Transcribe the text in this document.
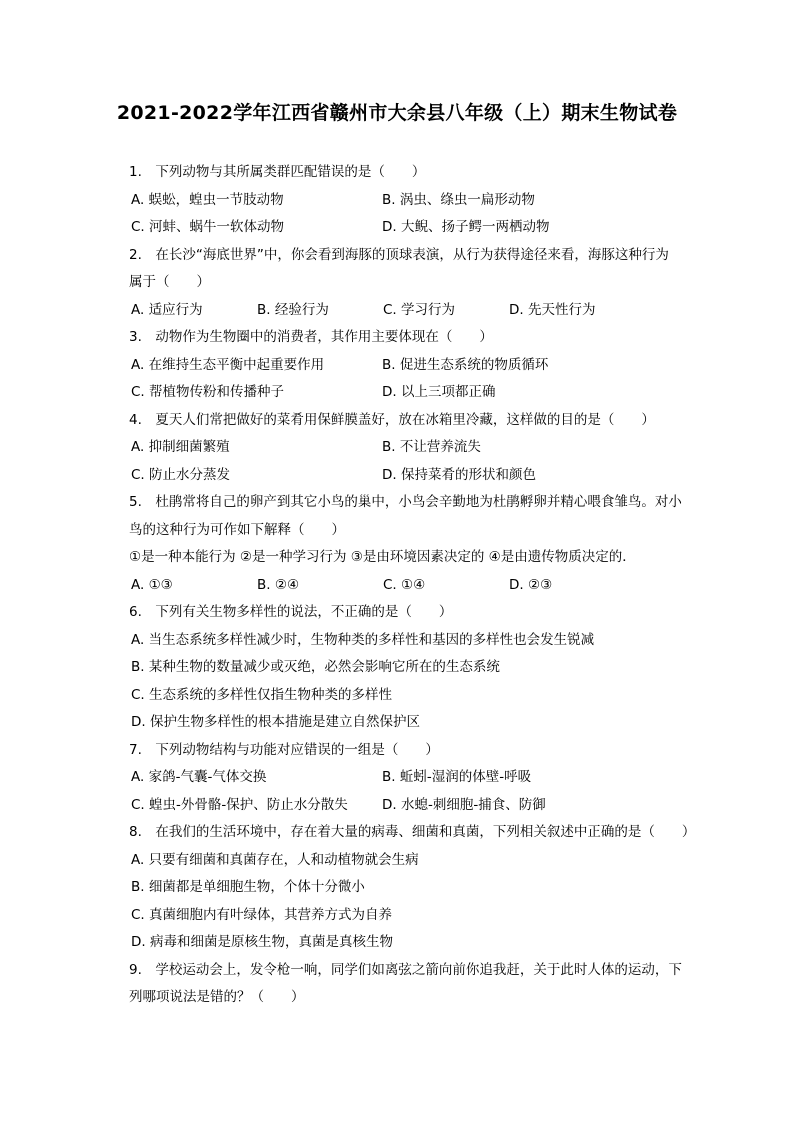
2021-2022学年江西省赣州市大余县八年级（上）期末生物试卷
1.　下列动物与其所属类群匹配错误的是（　　）
A. 蜈蚣，蝗虫一节肢动物	B. 涡虫、绦虫一扁形动物
C. 河蚌、蜗牛一软体动物	D. 大鲵、扬子鳄一两栖动物
2.　在长沙“海底世界”中，你会看到海豚的顶球表演，从行为获得途径来看，海豚这种行为
属于（　　）
A. 适应行为	B. 经验行为	C. 学习行为	D. 先天性行为
3.　动物作为生物圈中的消费者，其作用主要体现在（　　）
A. 在维持生态平衡中起重要作用	B. 促进生态系统的物质循环
C. 帮植物传粉和传播种子	D. 以上三项都正确
4.　夏天人们常把做好的菜肴用保鲜膜盖好，放在冰箱里冷藏，这样做的目的是（　　）
A. 抑制细菌繁殖	B. 不让营养流失
C. 防止水分蒸发	D. 保持菜肴的形状和颜色
5.　杜鹃常将自己的卵产到其它小鸟的巢中，小鸟会辛勤地为杜鹃孵卵并精心喂食雏鸟。对小
鸟的这种行为可作如下解释（　　）
①是一种本能行为 ②是一种学习行为 ③是由环境因素决定的 ④是由遗传物质决定的．
A. ①③	B. ②④	C. ①④	D. ②③
6.　下列有关生物多样性的说法，不正确的是（　　）
A. 当生态系统多样性减少时，生物种类的多样性和基因的多样性也会发生锐减
B. 某种生物的数量减少或灭绝，必然会影响它所在的生态系统
C. 生态系统的多样性仅指生物种类的多样性
D. 保护生物多样性的根本措施是建立自然保护区
7.　下列动物结构与功能对应错误的一组是（　　）
A. 家鸽-气囊-气体交换	B. 蚯蚓-湿润的体壁-呼吸
C. 蝗虫-外骨骼-保护、防止水分散失	D. 水螅-刺细胞-捕食、防御
8.　在我们的生活环境中，存在着大量的病毒、细菌和真菌，下列相关叙述中正确的是（　　）
A. 只要有细菌和真菌存在，人和动植物就会生病
B. 细菌都是单细胞生物，个体十分微小
C. 真菌细胞内有叶绿体，其营养方式为自养
D. 病毒和细菌是原核生物，真菌是真核生物
9.　学校运动会上，发令枪一响，同学们如离弦之箭向前你追我赶，关于此时人体的运动，下
列哪项说法是错的？（　　）
